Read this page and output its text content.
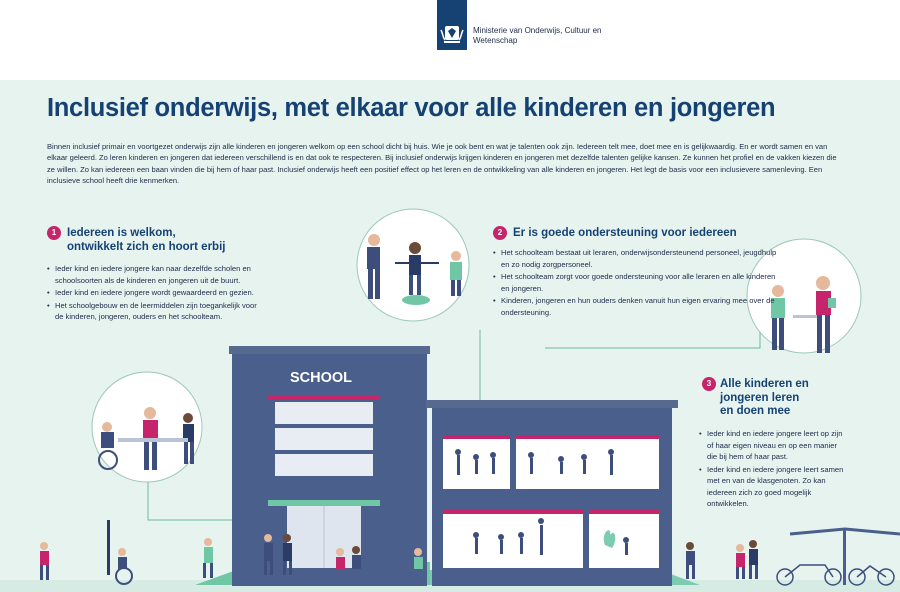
Ministerie van Onderwijs, Cultuur en
Wetenschap
Inclusief onderwijs, met elkaar voor alle kinderen en jongeren

Binnen inclusief primair en voortgezet onderwijs zijn alle kinderen en jongeren welkom op een school dicht bij huis. Wie je ook bent en wat je talenten ook zijn. Iedereen telt mee, doet mee en is gelijkwaardig. En er wordt samen en van elkaar geleerd. Zo leren kinderen en jongeren dat iedereen verschillend is en dat ook te respecteren. Bij inclusief onderwijs krijgen kinderen en jongeren met dezelfde talenten gelijke kansen. Ze kunnen het profiel en de vakken kiezen die ze willen. Zo kan iedereen een baan vinden die bij hem of haar past. Inclusief onderwijs heeft een positief effect op het leren en de ontwikkeling van alle kinderen en jongeren. Het legt de basis voor een inclusievere samenleving. Een inclusieve school heeft drie kenmerken.

SCHOOL
1 Iedereen is welkom,
ontwikkelt zich en hoort erbij
• Ieder kind en iedere jongere kan naar dezelfde scholen en schoolsoorten als de kinderen en jongeren uit de buurt.
• Ieder kind en iedere jongere wordt gewaardeerd en gezien.
• Het schoolgebouw en de leermiddelen zijn toegankelijk voor de kinderen, jongeren, ouders en het schoolteam.
2 Er is goede ondersteuning voor iedereen
• Het schoolteam bestaat uit leraren, onderwijsondersteunend personeel, jeugdhulp en zo nodig zorgpersoneel.
• Het schoolteam zorgt voor goede ondersteuning voor alle leraren en alle kinderen en jongeren.
• Kinderen, jongeren en hun ouders denken vanuit hun eigen ervaring mee over de ondersteuning.
3 Alle kinderen en
jongeren leren
en doen mee
• Ieder kind en iedere jongere leert op zijn of haar eigen niveau en op een manier die bij hem of haar past.
• Ieder kind en iedere jongere leert samen met en van de klasgenoten. Zo kan iedereen zich zo goed mogelijk ontwikkelen.
